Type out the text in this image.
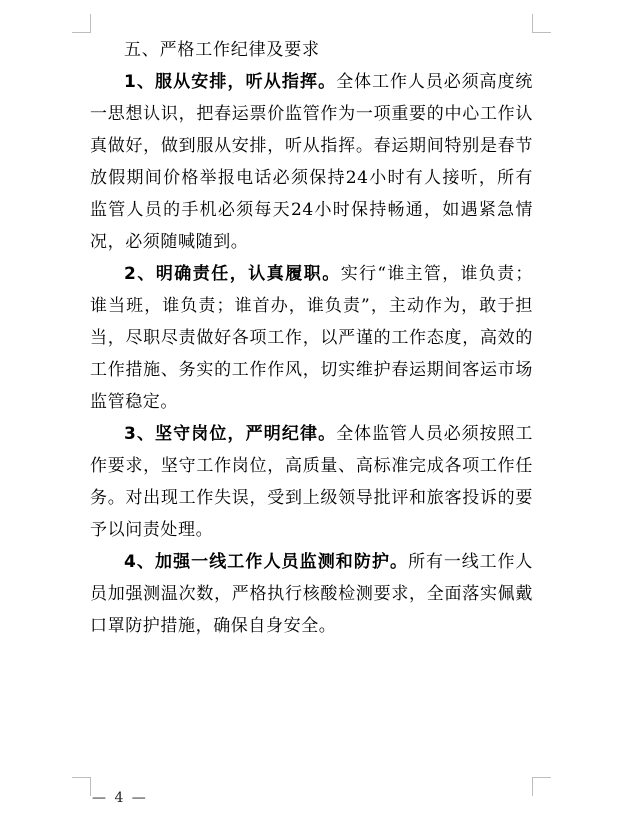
五、严格工作纪律及要求

1、服从安排，听从指挥。全体工作人员必须高度统一思想认识，把春运票价监管作为一项重要的中心工作认真做好，做到服从安排，听从指挥。春运期间特别是春节放假期间价格举报电话必须保持24小时有人接听，所有监管人员的手机必须每天24小时保持畅通，如遇紧急情况，必须随喊随到。

2、明确责任，认真履职。实行“谁主管，谁负责；谁当班，谁负责；谁首办，谁负责”，主动作为，敢于担当，尽职尽责做好各项工作，以严谨的工作态度，高效的工作措施、务实的工作作风，切实维护春运期间客运市场监管稳定。

3、坚守岗位，严明纪律。全体监管人员必须按照工作要求，坚守工作岗位，高质量、高标准完成各项工作任务。对出现工作失误，受到上级领导批评和旅客投诉的要予以问责处理。

4、加强一线工作人员监测和防护。所有一线工作人员加强测温次数，严格执行核酸检测要求，全面落实佩戴口罩防护措施，确保自身安全。

— 4 —
